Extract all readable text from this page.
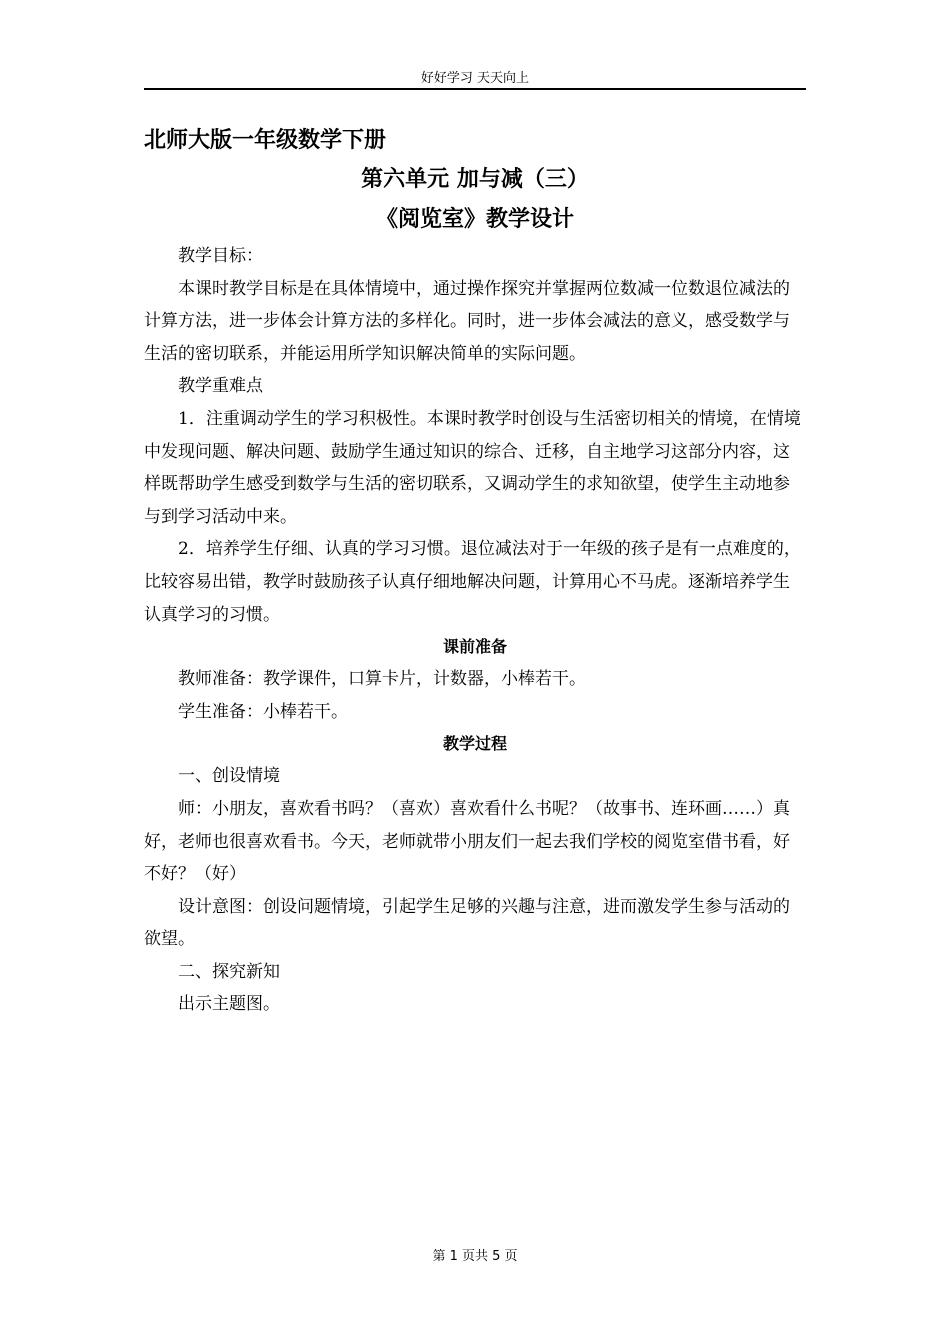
好好学习 天天向上
北师大版一年级数学下册
第六单元 加与减（三）
《阅览室》教学设计

教学目标：

本课时教学目标是在具体情境中，通过操作探究并掌握两位数减一位数退位减法的计算方法，进一步体会计算方法的多样化。同时，进一步体会减法的意义，感受数学与生活的密切联系，并能运用所学知识解决简单的实际问题。

教学重难点

1．注重调动学生的学习积极性。本课时教学时创设与生活密切相关的情境，在情境中发现问题、解决问题、鼓励学生通过知识的综合、迁移，自主地学习这部分内容，这样既帮助学生感受到数学与生活的密切联系，又调动学生的求知欲望，使学生主动地参与到学习活动中来。

2．培养学生仔细、认真的学习习惯。退位减法对于一年级的孩子是有一点难度的，比较容易出错，教学时鼓励孩子认真仔细地解决问题，计算用心不马虎。逐渐培养学生认真学习的习惯。

课前准备

教师准备：教学课件，口算卡片，计数器，小棒若干。

学生准备：小棒若干。

教学过程

一、创设情境

师：小朋友，喜欢看书吗？（喜欢）喜欢看什么书呢？（故事书、连环画……）真好，老师也很喜欢看书。今天，老师就带小朋友们一起去我们学校的阅览室借书看，好不好？（好）

设计意图：创设问题情境，引起学生足够的兴趣与注意，进而激发学生参与活动的欲望。

二、探究新知

出示主题图。

第 1 页共 5 页
